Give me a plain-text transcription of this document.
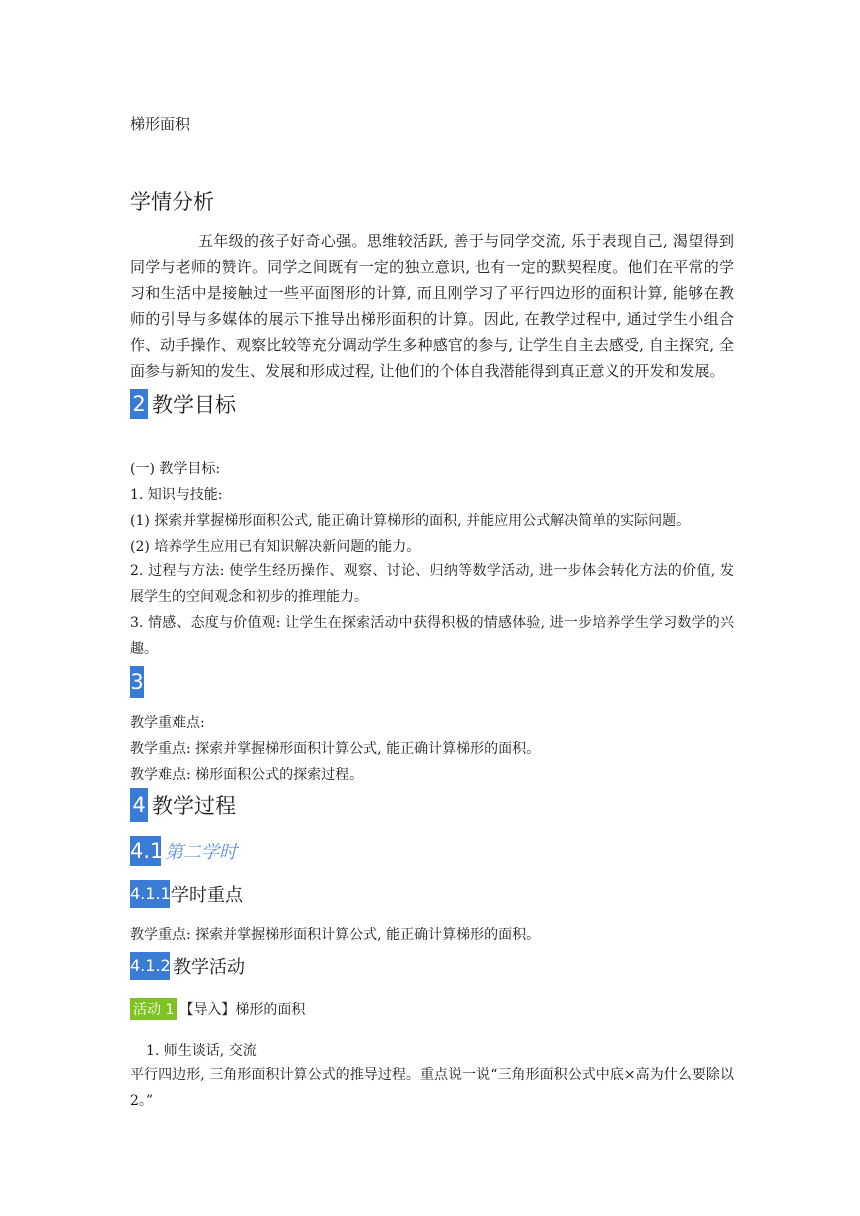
梯形面积
学情分析

五年级的孩子好奇心强。思维较活跃, 善于与同学交流, 乐于表现自己, 渴望得到同学与老师的赞许。同学之间既有一定的独立意识, 也有一定的默契程度。他们在平常的学习和生活中是接触过一些平面图形的计算, 而且刚学习了平行四边形的面积计算, 能够在教师的引导与多媒体的展示下推导出梯形面积的计算。因此, 在教学过程中, 通过学生小组合作、动手操作、观察比较等充分调动学生多种感官的参与, 让学生自主去感受, 自主探究, 全面参与新知的发生、发展和形成过程, 让他们的个体自我潜能得到真正意义的开发和发展。

2 教学目标
(一) 教学目标:
1. 知识与技能:
(1) 探索并掌握梯形面积公式, 能正确计算梯形的面积, 并能应用公式解决简单的实际问题。
(2) 培养学生应用已有知识解决新问题的能力。

2. 过程与方法: 使学生经历操作、观察、讨论、归纳等数学活动, 进一步体会转化方法的价值, 发展学生的空间观念和初步的推理能力。

3. 情感、态度与价值观: 让学生在探索活动中获得积极的情感体验, 进一步培养学生学习数学的兴趣。

3
教学重难点:
教学重点: 探索并掌握梯形面积计算公式, 能正确计算梯形的面积。
教学难点: 梯形面积公式的探索过程。
4 教学过程
4.1 第二学时
4.1.1 学时重点
教学重点: 探索并掌握梯形面积计算公式, 能正确计算梯形的面积。
4.1.2 教学活动
活动 1 【导入】梯形的面积
1. 师生谈话, 交流

平行四边形, 三角形面积计算公式的推导过程。重点说一说“三角形面积公式中底×高为什么要除以 2。”
